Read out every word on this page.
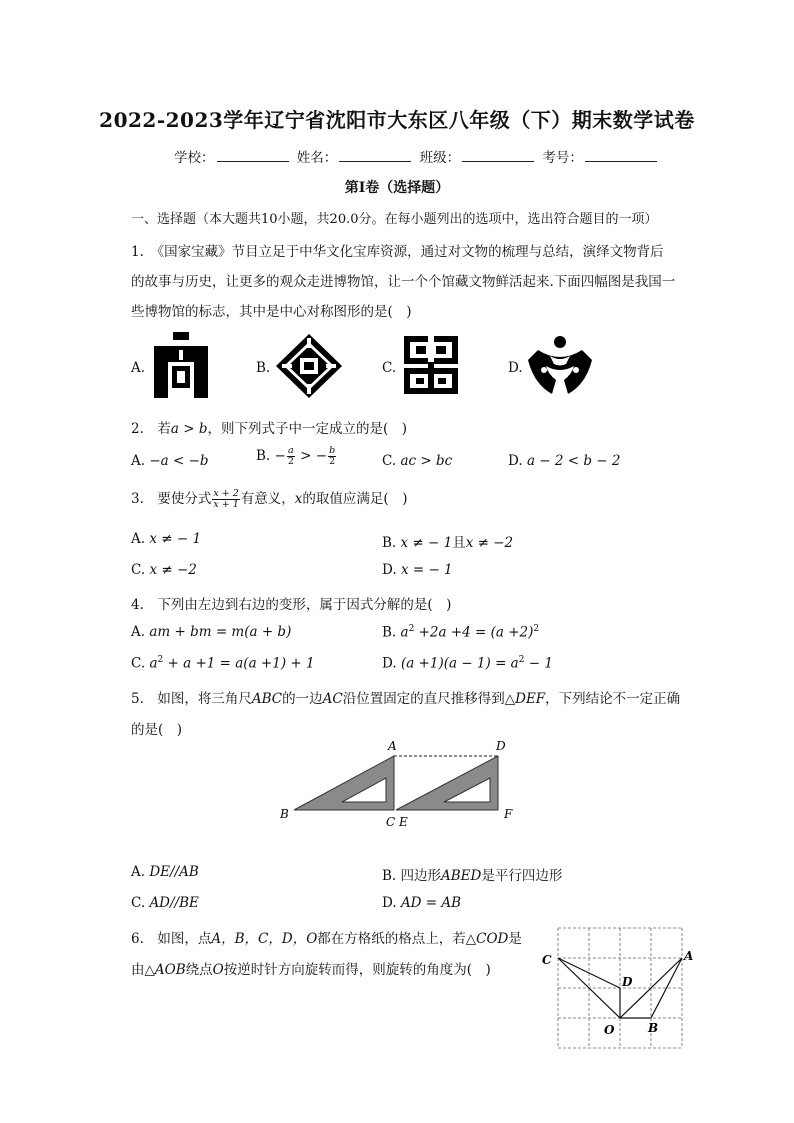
2022-2023学年辽宁省沈阳市大东区八年级（下）期末数学试卷
学校：	姓名：	班级：	考号：
第Ⅰ卷（选择题）
一、选择题（本大题共10小题，共20.0分。在每小题列出的选项中，选出符合题目的一项）
1.　《国家宝藏》节目立足于中华文化宝库资源，通过对文物的梳理与总结，演绎文物背后
的故事与历史，让更多的观众走进博物馆，让一个个馆藏文物鲜活起来.下面四幅图是我国一
些博物馆的标志，其中是中心对称图形的是(　)
A.	B.	C.	D.
2.　若a > b，则下列式子中一定成立的是(　)
A. −a < −b	B. − $\frac{a}{2}$ > − $\frac{b}{2}$	C. ac > bc	D. a − 2 < b − 2
3.　要使分式 $\frac{x + 2}{x + 1}$ 有意义，x的取值应满足(　)
A. x ≠ − 1	B. x ≠ − 1且x ≠ −2
C. x ≠ −2	D. x = − 1
4.　下列由左边到右边的变形，属于因式分解的是(　)
A. am + bm = m(a + b)	B. $a^2 +2a +4 = (a +2)^2$
C. $a^2 + a +1 = a(a +1) + 1$	D. $(a +1)(a - 1) = a^2 - 1$
5.　如图，将三角尺ABC的一边AC沿位置固定的直尺推移得到△DEF，下列结论不一定正确
的是(　)
A	D
B
C E
F
A. DE//AB	B. 四边形ABED是平行四边形
C. AD//BE	D. AD = AB
6.　如图，点A，B，C，D，O都在方格纸的格点上，若△COD是
由△AOB绕点O按逆时针方向旋转而得，则旋转的角度为(　)
C	A
D
O	B
